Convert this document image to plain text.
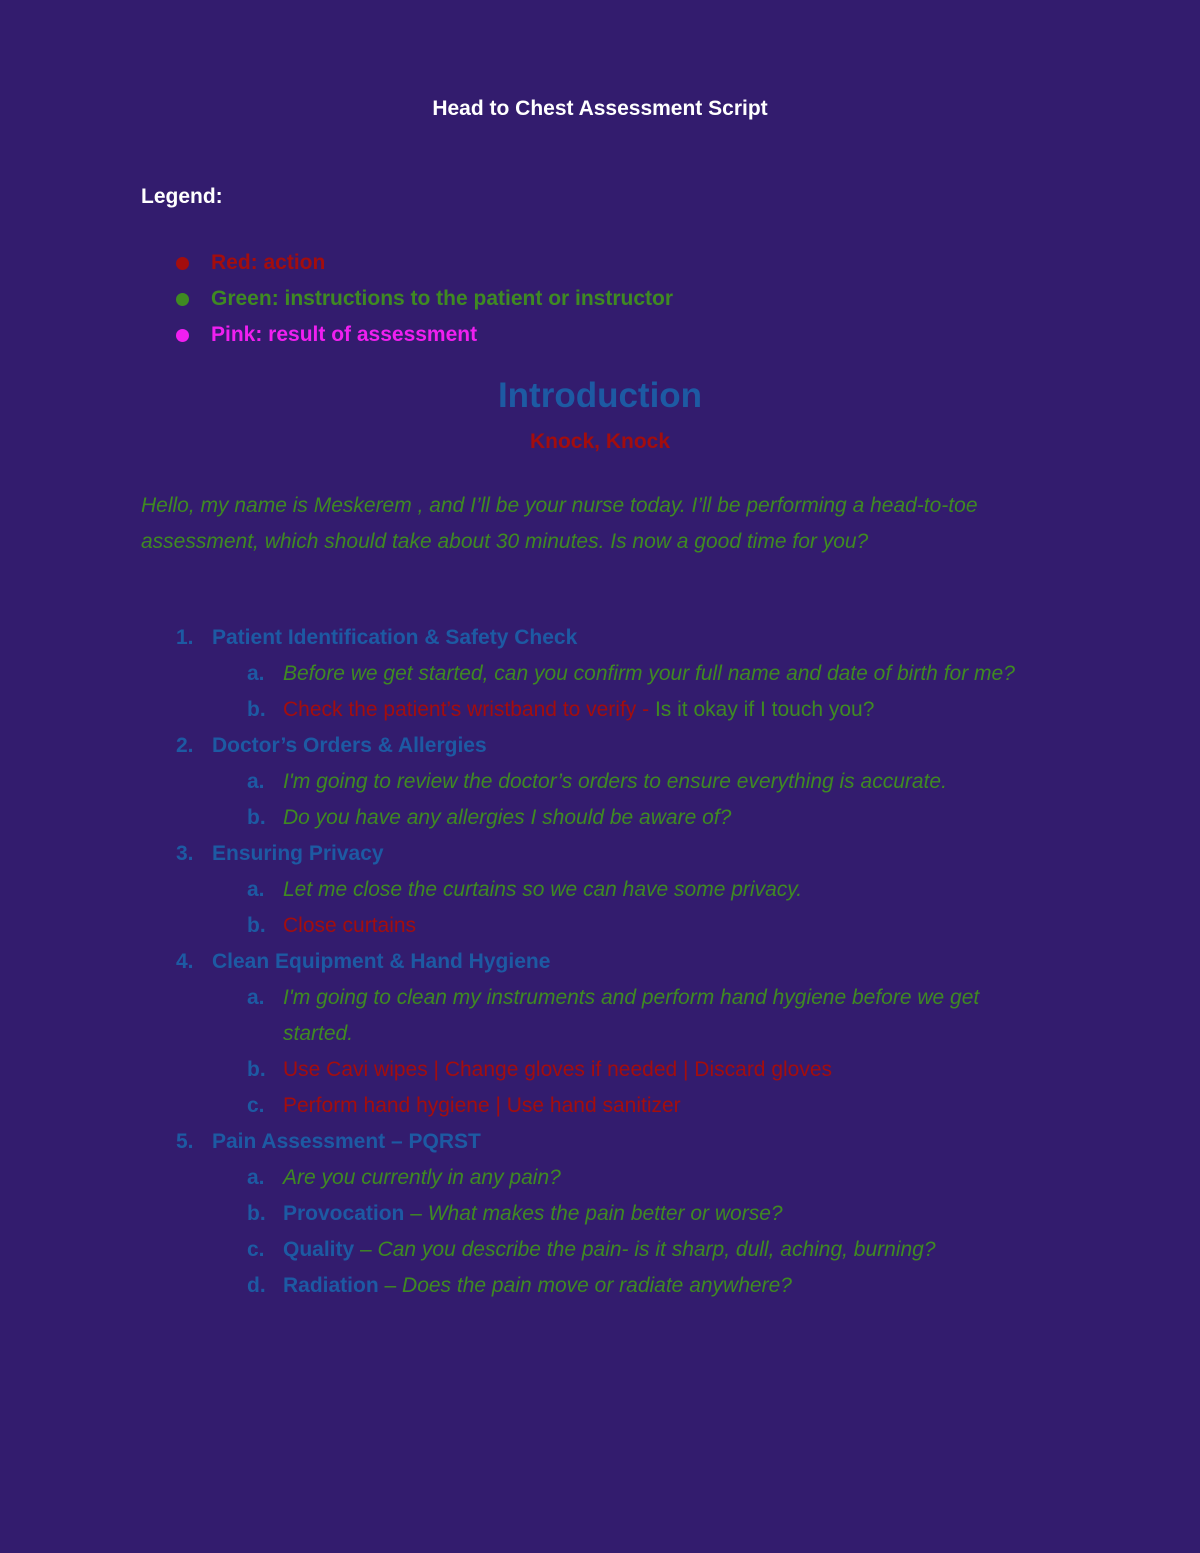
Head to Chest Assessment Script
Legend:
Red: action
Green: instructions to the patient or instructor
Pink: result of assessment
Introduction
Knock, Knock

Hello, my name is Meskerem , and I’ll be your nurse today. I’ll be performing a head-to-toe assessment, which should take about 30 minutes. Is now a good time for you?

1. Patient Identification & Safety Check
a. Before we get started, can you confirm your full name and date of birth for me?
b. Check the patient’s wristband to verify - Is it okay if I touch you?
2. Doctor’s Orders & Allergies
a. I'm going to review the doctor’s orders to ensure everything is accurate.
b. Do you have any allergies I should be aware of?
3. Ensuring Privacy
a. Let me close the curtains so we can have some privacy.
b. Close curtains
4. Clean Equipment & Hand Hygiene
a. I'm going to clean my instruments and perform hand hygiene before we get started.
b. Use Cavi wipes | Change gloves if needed | Discard gloves
c. Perform hand hygiene | Use hand sanitizer
5. Pain Assessment – PQRST
a. Are you currently in any pain?
b. Provocation – What makes the pain better or worse?
c. Quality – Can you describe the pain- is it sharp, dull, aching, burning?
d. Radiation – Does the pain move or radiate anywhere?
